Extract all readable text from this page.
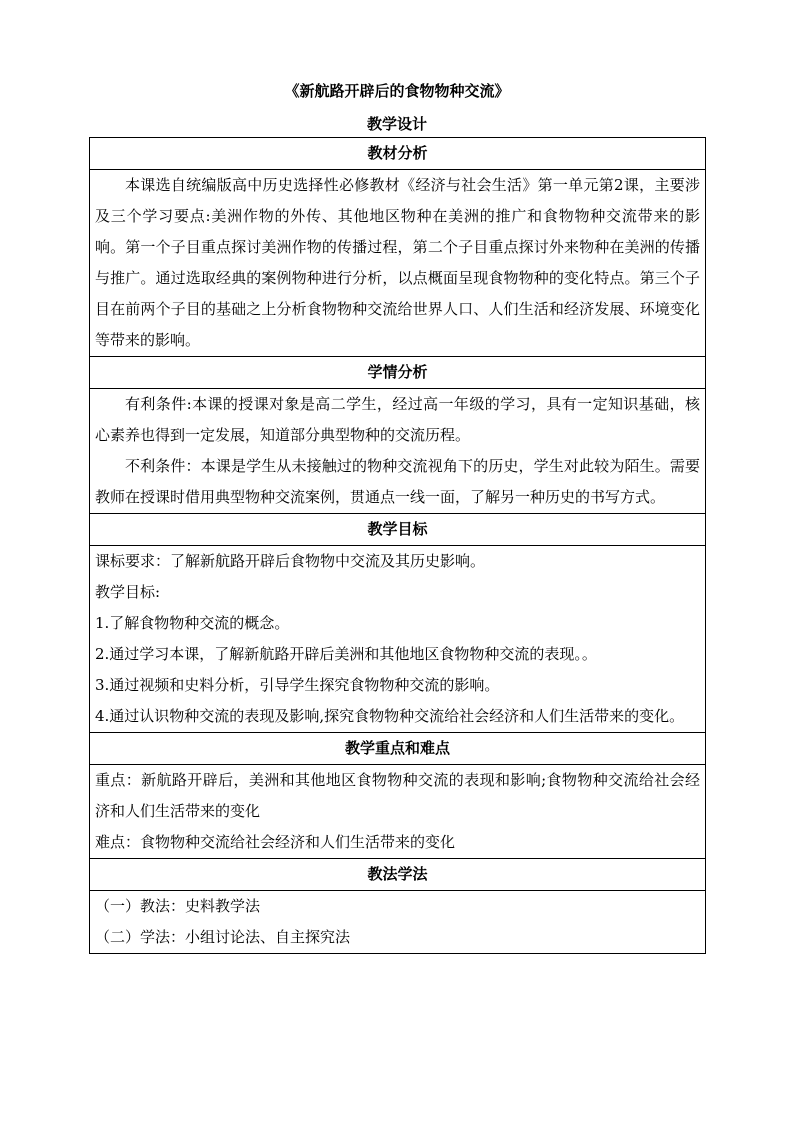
《新航路开辟后的食物物种交流》
教学设计
教材分析

本课选自统编版高中历史选择性必修教材《经济与社会生活》第一单元第2课，主要涉及三个学习要点:美洲作物的外传、其他地区物种在美洲的推广和食物物种交流带来的影响。第一个子目重点探讨美洲作物的传播过程，第二个子目重点探讨外来物种在美洲的传播与推广。通过选取经典的案例物种进行分析，以点概面呈现食物物种的变化特点。第三个子目在前两个子目的基础之上分析食物物种交流给世界人口、人们生活和经济发展、环境变化等带来的影响。

学情分析

有利条件:本课的授课对象是高二学生，经过高一年级的学习，具有一定知识基础，核心素养也得到一定发展，知道部分典型物种的交流历程。

不利条件：本课是学生从未接触过的物种交流视角下的历史，学生对此较为陌生。需要教师在授课时借用典型物种交流案例，贯通点一线一面，了解另一种历史的书写方式。

教学目标

课标要求：了解新航路开辟后食物物中交流及其历史影响。

教学目标:

1.了解食物物种交流的概念。

2.通过学习本课，了解新航路开辟后美洲和其他地区食物物种交流的表现。。

3.通过视频和史料分析，引导学生探究食物物种交流的影响。

4.通过认识物种交流的表现及影响,探究食物物种交流给社会经济和人们生活带来的变化。

教学重点和难点

重点：新航路开辟后，美洲和其他地区食物物种交流的表现和影响;食物物种交流给社会经济和人们生活带来的变化

难点：食物物种交流给社会经济和人们生活带来的变化

教法学法

（一）教法：史料教学法

（二）学法：小组讨论法、自主探究法
